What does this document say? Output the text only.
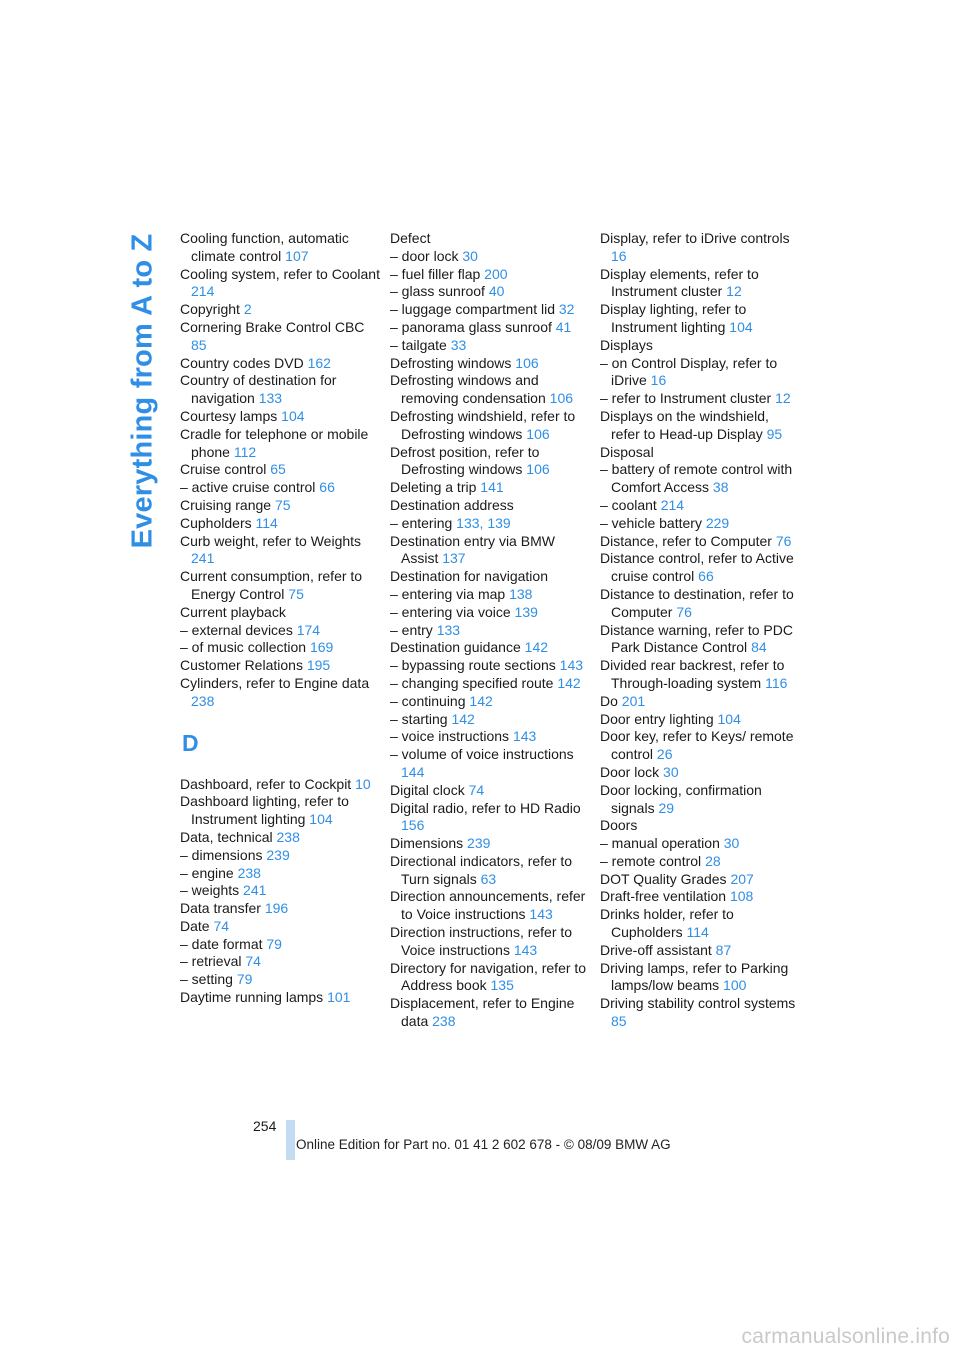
Everything from A to Z Cooling function, automatic climate control 107

Cooling system, refer to Coolant 214

Copyright 2

Cornering Brake Control CBC 85

Country codes DVD 162

Country of destination for navigation 133

Courtesy lamps 104

Cradle for telephone or mobile phone 112

Cruise control 65

– active cruise control 66

Cruising range 75

Cupholders 114

Curb weight, refer to Weights 241

Current consumption, refer to Energy Control 75

Current playback

– external devices 174

– of music collection 169

Customer Relations 195

Cylinders, refer to Engine data 238

D

Dashboard, refer to Cockpit 10

Dashboard lighting, refer to Instrument lighting 104

Data, technical 238

– dimensions 239

– engine 238

– weights 241

Data transfer 196

Date 74

– date format 79

– retrieval 74

– setting 79

Daytime running lamps 101

Defect

– door lock 30

– fuel filler flap 200

– glass sunroof 40

– luggage compartment lid 32

– panorama glass sunroof 41

– tailgate 33

Defrosting windows 106

Defrosting windows and removing condensation 106

Defrosting windshield, refer to Defrosting windows 106

Defrost position, refer to Defrosting windows 106

Deleting a trip 141

Destination address

– entering 133, 139

Destination entry via BMW Assist 137

Destination for navigation

– entering via map 138

– entering via voice 139

– entry 133

Destination guidance 142

– bypassing route sections 143

– changing specified route 142

– continuing 142

– starting 142

– voice instructions 143

– volume of voice instructions 144

Digital clock 74

Digital radio, refer to HD Radio 156

Dimensions 239

Directional indicators, refer to Turn signals 63

Direction announcements, refer to Voice instructions 143

Direction instructions, refer to Voice instructions 143

Directory for navigation, refer to Address book 135

Displacement, refer to Engine data 238

Display, refer to iDrive controls 16

Display elements, refer to Instrument cluster 12

Display lighting, refer to Instrument lighting 104

Displays

– on Control Display, refer to iDrive 16

– refer to Instrument cluster 12

Displays on the windshield, refer to Head-up Display 95

Disposal

– battery of remote control with Comfort Access 38

– coolant 214

– vehicle battery 229

Distance, refer to Computer 76

Distance control, refer to Active cruise control 66

Distance to destination, refer to Computer 76

Distance warning, refer to PDC Park Distance Control 84

Divided rear backrest, refer to Through-loading system 116

Do 201

Door entry lighting 104

Door key, refer to Keys/ remote control 26

Door lock 30

Door locking, confirmation signals 29

Doors

– manual operation 30

– remote control 28

DOT Quality Grades 207

Draft-free ventilation 108

Drinks holder, refer to Cupholders 114

Drive-off assistant 87

Driving lamps, refer to Parking lamps/low beams 100

Driving stability control systems 85

254
Online Edition for Part no. 01 41 2 602 678 - © 08/09 BMW AG
carmanualsonline.info
